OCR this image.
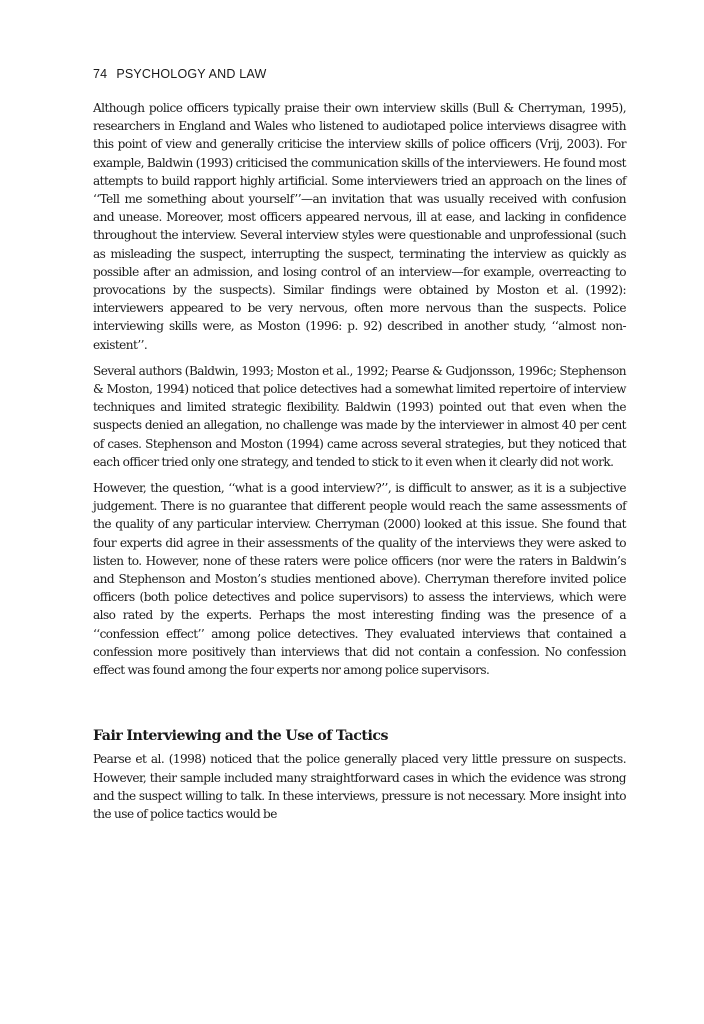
74 PSYCHOLOGY AND LAW

Although police officers typically praise their own interview skills (Bull & Cherryman, 1995), researchers in England and Wales who listened to audiotaped police interviews disagree with this point of view and generally criticise the interview skills of police officers (Vrij, 2003). For example, Baldwin (1993) criticised the communication skills of the interviewers. He found most attempts to build rapport highly artificial. Some interviewers tried an approach on the lines of ‘‘Tell me something about yourself’’—an invitation that was usually received with confusion and unease. Moreover, most officers appeared nervous, ill at ease, and lacking in confidence throughout the interview. Several interview styles were questionable and unprofessional (such as misleading the suspect, interrupting the suspect, terminating the interview as quickly as possible after an admission, and losing control of an interview—for example, overreacting to provocations by the suspects). Similar findings were obtained by Moston et al. (1992): interviewers appeared to be very nervous, often more nervous than the suspects. Police interviewing skills were, as Moston (1996: p. 92) described in another study, ‘‘almost non-existent’’.

Several authors (Baldwin, 1993; Moston et al., 1992; Pearse & Gudjonsson, 1996c; Stephenson & Moston, 1994) noticed that police detectives had a somewhat limited repertoire of interview techniques and limited strategic flexibility. Baldwin (1993) pointed out that even when the suspects denied an allegation, no challenge was made by the interviewer in almost 40 per cent of cases. Stephenson and Moston (1994) came across several strategies, but they noticed that each officer tried only one strategy, and tended to stick to it even when it clearly did not work.

However, the question, ‘‘what is a good interview?’’, is difficult to answer, as it is a subjective judgement. There is no guarantee that different people would reach the same assessments of the quality of any particular interview. Cherryman (2000) looked at this issue. She found that four experts did agree in their assessments of the quality of the interviews they were asked to listen to. However, none of these raters were police officers (nor were the raters in Baldwin’s and Stephenson and Moston’s studies mentioned above). Cherryman therefore invited police officers (both police detectives and police supervisors) to assess the interviews, which were also rated by the experts. Perhaps the most interesting finding was the presence of a ‘‘confession effect’’ among police detectives. They evaluated interviews that contained a confession more positively than interviews that did not contain a confession. No confession effect was found among the four experts nor among police supervisors.

Fair Interviewing and the Use of Tactics

Pearse et al. (1998) noticed that the police generally placed very little pressure on suspects. However, their sample included many straightforward cases in which the evidence was strong and the suspect willing to talk. In these interviews, pressure is not necessary. More insight into the use of police tactics would be
